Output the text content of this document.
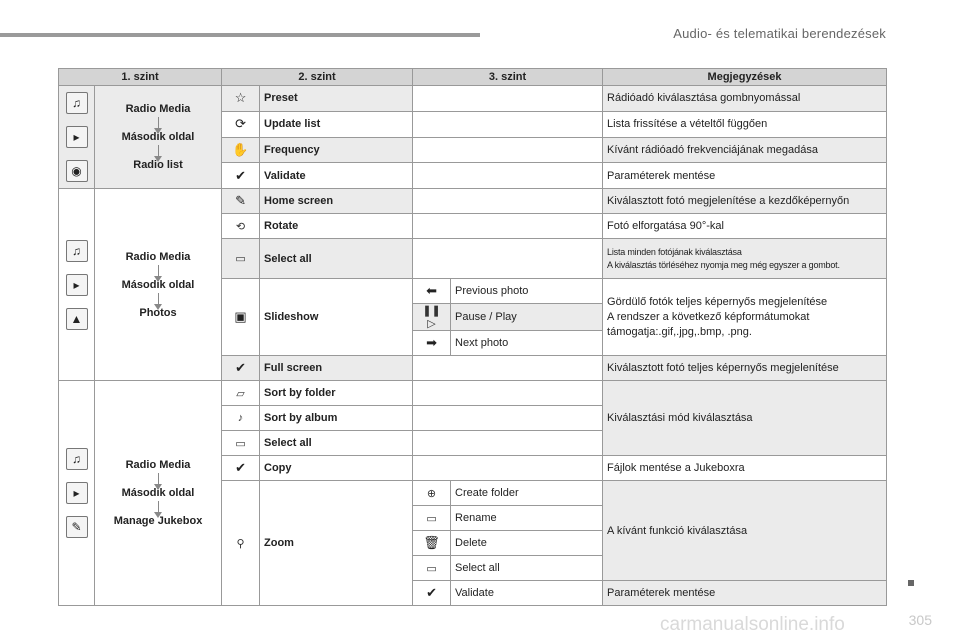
Audio- és telematikai berendezések
1. szint		2. szint		3. szint		Megjegyzések
♫
▸
◉	Radio Media
Második oldal
Radio list	☆	Preset			Rádióadó kiválasztása gombnyomással
		⟳	Update list			Lista frissítése a vételtől függően
		✋	Frequency			Kívánt rádióadó frekvenciájának megadása
		✔	Validate			Paraméterek mentése
♫
▸
▲	Radio Media
Második oldal
Photos	✎	Home screen			Kiválasztott fotó megjelenítése a kezdőképernyőn
		⟲	Rotate			Fotó elforgatása 90°-kal
		▭	Select all			Lista minden fotójának kiválasztása
A kiválasztás törléséhez nyomja meg még egyszer a gombot.

		▣	Slideshow	⬅	Previous photo	Gördülő fotók teljes képernyős megjelenítése
A rendszer a következő képformátumokat
támogatja:.gif,.jpg,.bmp, .png.

				❚❚ ▷	Pause / Play	
				➡	Next photo	
		✔	Full screen			Kiválasztott fotó teljes képernyős megjelenítése
♫
▸
✎	Radio Media
Második oldal
Manage Jukebox	▱	Sort by folder			Kiválasztási mód kiválasztása
		♪	Sort by album			
		▭	Select all			
		✔	Copy			Fájlok mentése a Jukeboxra
		⚲	Zoom	⊕	Create folder	A kívánt funkció kiválasztása
				▭	Rename	
				🗑	Delete	
				▭	Select all	
				✔	Validate	Paraméterek mentése
carmanualsonline.info	305
